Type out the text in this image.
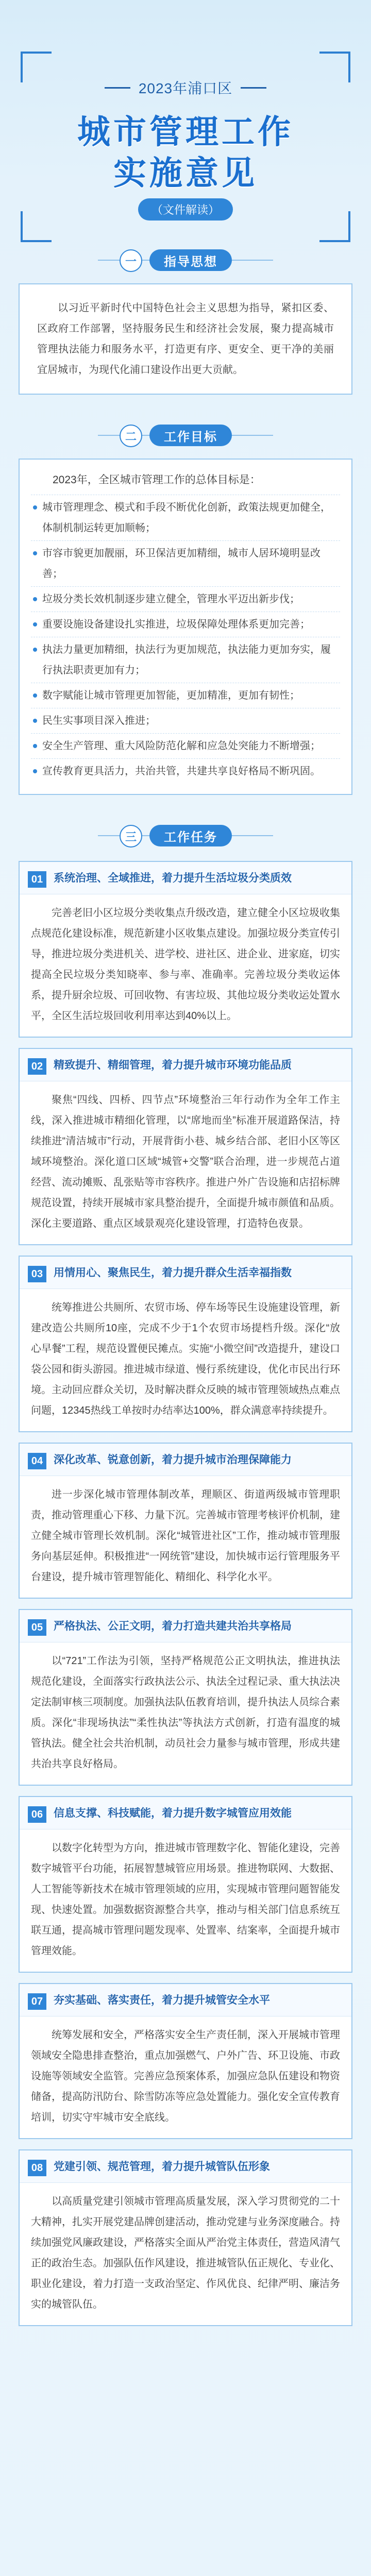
2023年浦口区
城市管理工作
实施意见
（文件解读）
一	指导思想

以习近平新时代中国特色社会主义思想为指导，紧扣区委、区政府工作部署，坚持服务民生和经济社会发展，聚力提高城市管理执法能力和服务水平，打造更有序、更安全、更干净的美丽宜居城市，为现代化浦口建设作出更大贡献。

二	工作目标

2023年，全区城市管理工作的总体目标是：

城市管理理念、模式和手段不断优化创新，政策法规更加健全，体制机制运转更加顺畅；
市容市貌更加靓丽，环卫保洁更加精细，城市人居环境明显改善；
垃圾分类长效机制逐步建立健全，管理水平迈出新步伐；
重要设施设备建设扎实推进，垃圾保障处理体系更加完善；
执法力量更加精细，执法行为更加规范，执法能力更加夯实，履行执法职责更加有力；
数字赋能让城市管理更加智能，更加精准，更加有韧性；
民生实事项目深入推进；
安全生产管理、重大风险防范化解和应急处突能力不断增强；
宣传教育更具活力，共治共管，共建共享良好格局不断巩固。
三	工作任务
01 系统治理、全域推进，着力提升生活垃圾分类质效

完善老旧小区垃圾分类收集点升级改造，建立健全小区垃圾收集点规范化建设标准，规范新建小区收集点建设。加强垃圾分类宣传引导，推进垃圾分类进机关、进学校、进社区、进企业、进家庭，切实提高全民垃圾分类知晓率、参与率、准确率。完善垃圾分类收运体系，提升厨余垃圾、可回收物、有害垃圾、其他垃圾分类收运处置水平，全区生活垃圾回收利用率达到40%以上。

02 精致提升、精细管理，着力提升城市环境功能品质

聚焦“四线、四桥、四节点”环境整治三年行动作为全年工作主线，深入推进城市精细化管理，以“席地而坐”标准开展道路保洁，持续推进“清洁城市”行动，开展背街小巷、城乡结合部、老旧小区等区域环境整治。深化道口区域“城管+交警”联合治理，进一步规范占道经营、流动摊贩、乱张贴等市容秩序。推进户外广告设施和店招标牌规范设置，持续开展城市家具整治提升，全面提升城市颜值和品质。深化主要道路、重点区域景观亮化建设管理，打造特色夜景。

03 用情用心、聚焦民生，着力提升群众生活幸福指数

统筹推进公共厕所、农贸市场、停车场等民生设施建设管理，新建改造公共厕所10座，完成不少于1个农贸市场提档升级。深化“放心早餐”工程，规范设置便民摊点。实施“小微空间”改造提升，建设口袋公园和街头游园。推进城市绿道、慢行系统建设，优化市民出行环境。主动回应群众关切，及时解决群众反映的城市管理领域热点难点问题，12345热线工单按时办结率达100%，群众满意率持续提升。

04 深化改革、锐意创新，着力提升城市治理保障能力

进一步深化城市管理体制改革，理顺区、街道两级城市管理职责，推动管理重心下移、力量下沉。完善城市管理考核评价机制，建立健全城市管理长效机制。深化“城管进社区”工作，推动城市管理服务向基层延伸。积极推进“一网统管”建设，加快城市运行管理服务平台建设，提升城市管理智能化、精细化、科学化水平。

05 严格执法、公正文明，着力打造共建共治共享格局

以“721”工作法为引领，坚持严格规范公正文明执法，推进执法规范化建设，全面落实行政执法公示、执法全过程记录、重大执法决定法制审核三项制度。加强执法队伍教育培训，提升执法人员综合素质。深化“非现场执法”“柔性执法”等执法方式创新，打造有温度的城管执法。健全社会共治机制，动员社会力量参与城市管理，形成共建共治共享良好格局。

06 信息支撑、科技赋能，着力提升数字城管应用效能

以数字化转型为方向，推进城市管理数字化、智能化建设，完善数字城管平台功能，拓展智慧城管应用场景。推进物联网、大数据、人工智能等新技术在城市管理领域的应用，实现城市管理问题智能发现、快速处置。加强数据资源整合共享，推动与相关部门信息系统互联互通，提高城市管理问题发现率、处置率、结案率，全面提升城市管理效能。

07 夯实基础、落实责任，着力提升城管安全水平

统筹发展和安全，严格落实安全生产责任制，深入开展城市管理领域安全隐患排查整治，重点加强燃气、户外广告、环卫设施、市政设施等领域安全监管。完善应急预案体系，加强应急队伍建设和物资储备，提高防汛防台、除雪防冻等应急处置能力。强化安全宣传教育培训，切实守牢城市安全底线。

08 党建引领、规范管理，着力提升城管队伍形象

以高质量党建引领城市管理高质量发展，深入学习贯彻党的二十大精神，扎实开展党建品牌创建活动，推动党建与业务深度融合。持续加强党风廉政建设，严格落实全面从严治党主体责任，营造风清气正的政治生态。加强队伍作风建设，推进城管队伍正规化、专业化、职业化建设，着力打造一支政治坚定、作风优良、纪律严明、廉洁务实的城管队伍。
